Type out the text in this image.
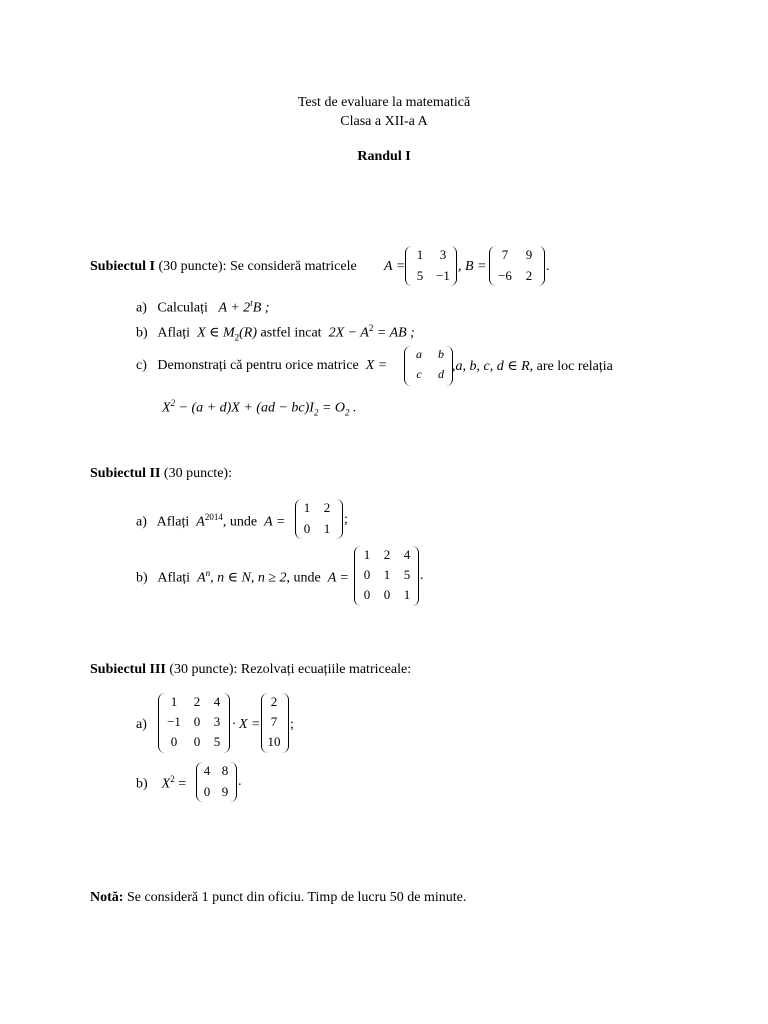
Test de evaluare la matematică
Clasa a XII-a A
Randul I
Subiectul I (30 puncte): Se consideră matricele A =
1	3
5 −1
, B =
7	9
−6	2
.
a) Calculați $A + 2^tB$ ;
b) Aflați X ∈ $M_2(R)$ astfel incat $2X - A^2$ = AB ;
c) Demonstrați că pentru orice matrice X =
a	b
c	d ,a, b, c, d ∈ R, are loc relația
$X^2 - (a + d)X + (ad - bc)I_2 = O_2$ .
Subiectul II (30 puncte):
a) Aflați $A^{2014}$, unde A =
1	2
0	1
;
b) Aflați $A^n$, n ∈ N, n ≥ 2, unde A =
1	2	4
0	1	5
0	0	1
.
Subiectul III (30 puncte): Rezolvați ecuațiile matriceale:
a)
1	2	4
−1 0	3
0	0	5
· X =
2
7
10
;
b) $X^2$ =
4 8
0 9
.
Notă: Se consideră 1 punct din oficiu. Timp de lucru 50 de minute.
